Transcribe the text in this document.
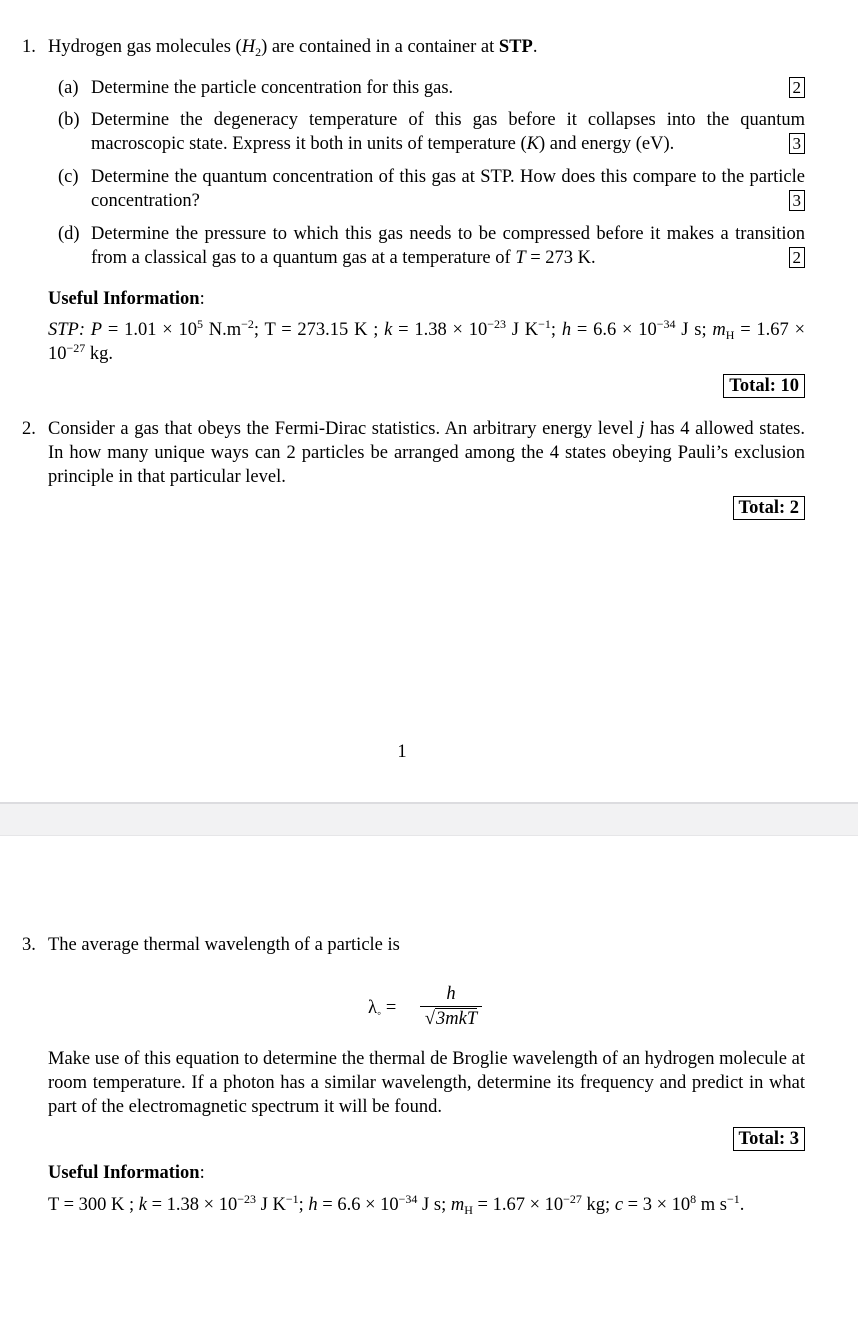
1. Hydrogen gas molecules $(H_2)$ are contained in a container at STP.
(a) Determine the particle concentration for this gas.	2
(b) Determine the degeneracy temperature of this gas before it collapses into the quantum macroscopic state. Express it both in units of temperature (K) and energy (eV).	3
(c) Determine the quantum concentration of this gas at STP. How does this compare to the particle concentration?	3
(d) Determine the pressure to which this gas needs to be compressed before it makes a transition from a classical gas to a quantum gas at a temperature of T = 273 K.	2
Useful Information:
STP: $P = 1.01 \times 10^5$ $N.m^{-2}$; T = 273.15 K ; $k = 1.38 \times 10^{-23}$ J $K^{-1}$; $h = 6.6 \times 10^{-34}$ J s; $m_H = 1.67 \times 10^{-27}$ kg.
Total: 10
2. Consider a gas that obeys the Fermi-Dirac statistics. An arbitrary energy level j has 4 allowed states. In how many unique ways can 2 particles be arranged among the 4 states obeying Pauli’s exclusion principle in that particular level.
Total: 2
1
3. The average thermal wavelength of a particle is
$\lambda_◦$ =
h
√3mkT
Make use of this equation to determine the thermal de Broglie wavelength of an hydrogen molecule at room temperature. If a photon has a similar wavelength, determine its frequency and predict in what part of the electromagnetic spectrum it will be found.
Total: 3
Useful Information:
T = 300 K ; $k = 1.38 \times 10^{-23}$ J $K^{-1}$; $h = 6.6 \times 10^{-34}$ J s; $m_H = 1.67 \times 10^{-27}$ kg; $c = 3 \times 10^8$ m $s^{-1}$.
